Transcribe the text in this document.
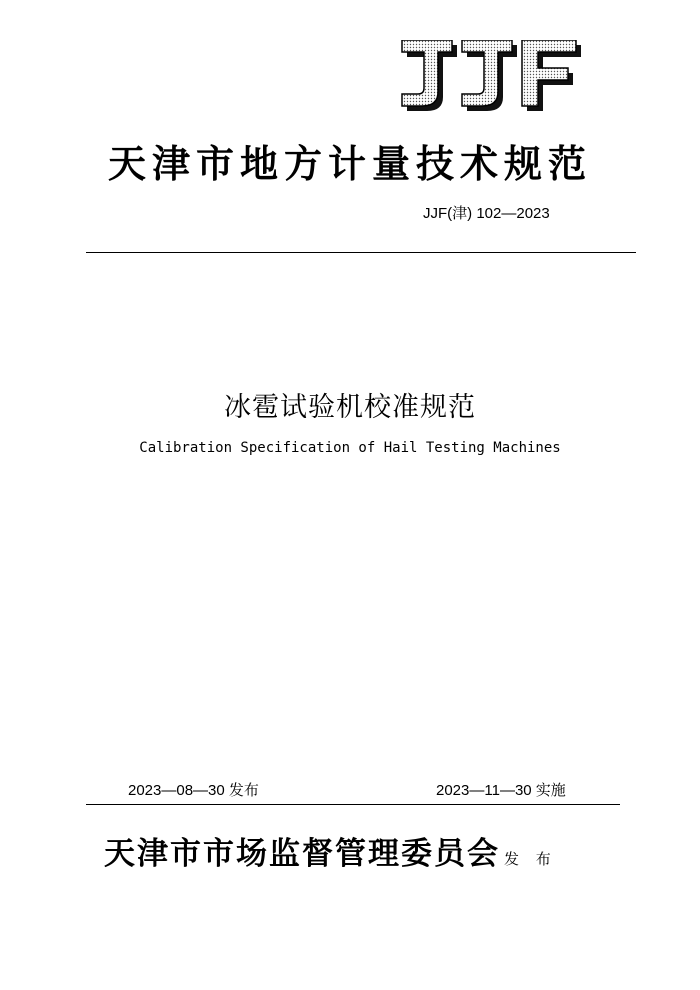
天津市地方计量技术规范
JJF(津) 102—2023
冰雹试验机校准规范
Calibration Specification of Hail Testing Machines
2023—08—30 发布	2023—11—30 实施
天津市市场监督管理委员会 发 布
